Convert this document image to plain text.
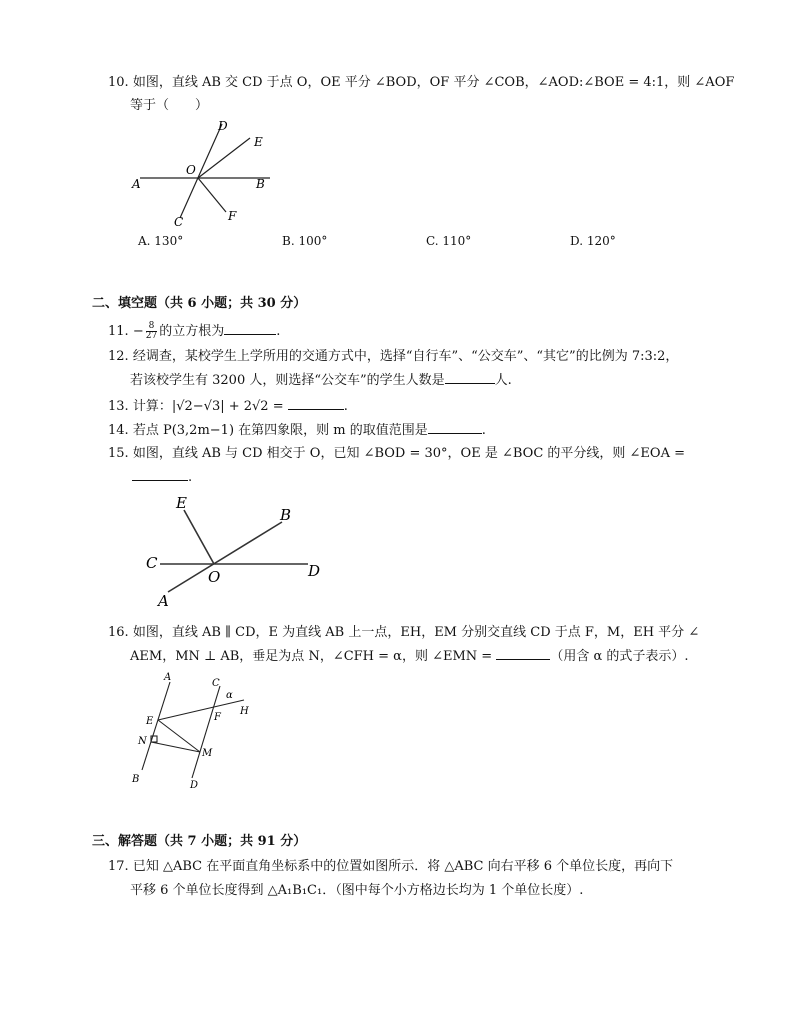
10. 如图，直线 AB 交 CD 于点 O，OE 平分 ∠BOD，OF 平分 ∠COB，∠AOD:∠BOE = 4:1，则 ∠AOF
等于（　　）
D
E
O
A	B
C	F
A. 130°	B. 100°	C. 110°	D. 120°
二、填空题（共 6 小题；共 30 分）
11. − $\frac{8}{27}$ 的立方根为	.
12. 经调查，某校学生上学所用的交通方式中，选择“自行车”、“公交车”、“其它”的比例为 7:3:2，
若该校学生有 3200 人，则选择“公交车”的学生人数是	人.
13. 计算：|√2−√3| + 2√2 =	.
14. 若点 P(3,2m−1) 在第四象限，则 m 的取值范围是	.
15. 如图，直线 AB 与 CD 相交于 O，已知 ∠BOD = 30°，OE 是 ∠BOC 的平分线，则 ∠EOA =
.
E
B
C
O	D
A
16. 如图，直线 AB ∥ CD，E 为直线 AB 上一点，EH，EM 分别交直线 CD 于点 F，M，EH 平分 ∠
AEM，MN ⊥ AB，垂足为点 N，∠CFH = α，则 ∠EMN =	（用含 α 的式子表示）.
A
C
α
H
E	F
N
M
B
D
三、解答题（共 7 小题；共 91 分）
17. 已知 △ABC 在平面直角坐标系中的位置如图所示．将 △ABC 向右平移 6 个单位长度，再向下
平移 6 个单位长度得到 △A₁B₁C₁．（图中每个小方格边长均为 1 个单位长度）.
